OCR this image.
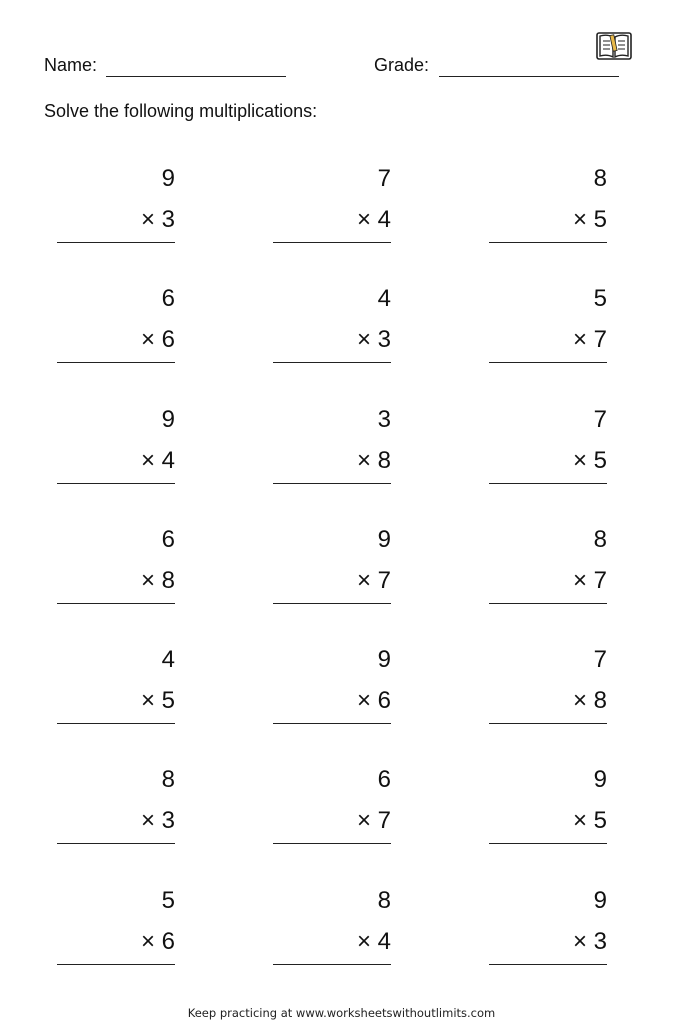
Name:	Grade:
Solve the following multiplications:
9
× 3
7
× 4
8
× 5
6
× 6
4
× 3
5
× 7
9
× 4
3
× 8
7
× 5
6
× 8
9
× 7
8
× 7
4
× 5
9
× 6
7
× 8
8
× 3
6
× 7
9
× 5
5
× 6
8
× 4
9
× 3
Keep practicing at www.worksheetswithoutlimits.com
